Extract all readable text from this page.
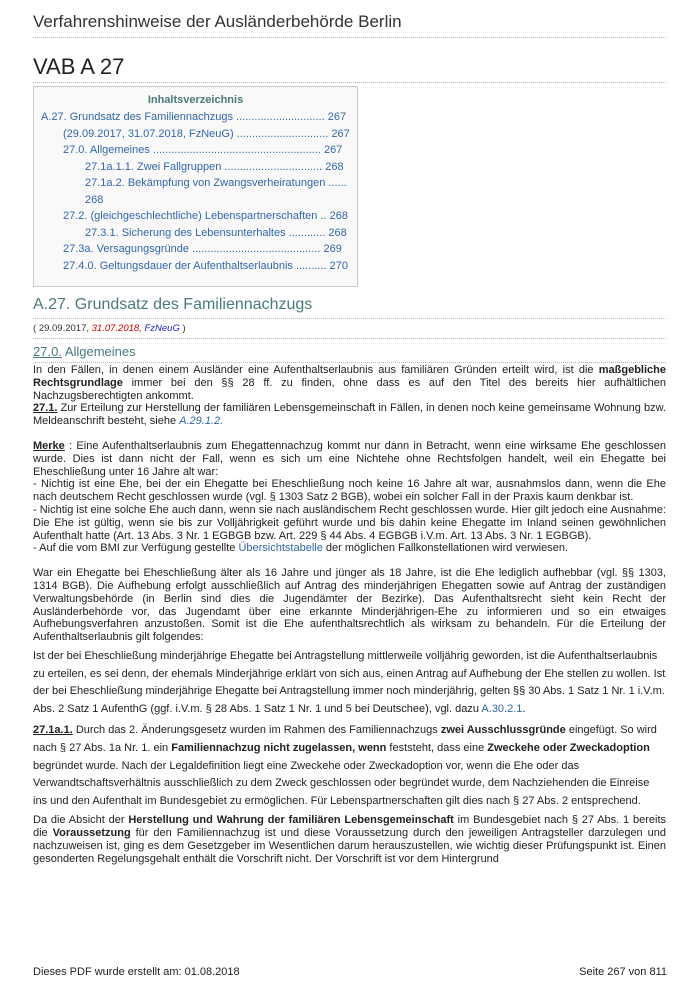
Verfahrenshinweise der Ausländerbehörde Berlin
VAB A 27
Inhaltsverzeichnis
A.27. Grundsatz des Familiennachzugs ............................. 267
(29.09.2017, 31.07.2018, FzNeuG) .............................. 267
27.0. Allgemeines ....................................................... 267
27.1a.1.1. Zwei Fallgruppen ................................ 268
27.1a.2. Bekämpfung von Zwangsverheiratungen ......
268
27.2. (gleichgeschlechtliche) Lebenspartnerschaften .. 268
27.3.1. Sicherung des Lebensunterhaltes ............ 268
27.3a. Versagungsgründe .......................................... 269
27.4.0. Geltungsdauer der Aufenthaltserlaubnis .......... 270
A.27. Grundsatz des Familiennachzugs
( 29.09.2017, 31.07.2018, FzNeuG )
27.0. Allgemeines

In den Fällen, in denen einem Ausländer eine Aufenthaltserlaubnis aus familiären Gründen erteilt wird, ist die maßgebliche Rechtsgrundlage immer bei den §§ 28 ff. zu finden, ohne dass es auf den Titel des bereits hier aufhältlichen Nachzugsberechtigten ankommt.

27.1. Zur Erteilung zur Herstellung der familiären Lebensgemeinschaft in Fällen, in denen noch keine gemeinsame Wohnung bzw. Meldeanschrift besteht, siehe A.29.1.2.

Merke : Eine Aufenthaltserlaubnis zum Ehegattennachzug kommt nur dann in Betracht, wenn eine wirksame Ehe geschlossen wurde. Dies ist dann nicht der Fall, wenn es sich um eine Nichtehe ohne Rechtsfolgen handelt, weil ein Ehegatte bei Eheschließung unter 16 Jahre alt war:

- Nichtig ist eine Ehe, bei der ein Ehegatte bei Eheschließung noch keine 16 Jahre alt war, ausnahmslos dann, wenn die Ehe nach deutschem Recht geschlossen wurde (vgl. § 1303 Satz 2 BGB), wobei ein solcher Fall in der Praxis kaum denkbar ist.

- Nichtig ist eine solche Ehe auch dann, wenn sie nach ausländischem Recht geschlossen wurde. Hier gilt jedoch eine Ausnahme: Die Ehe ist gültig, wenn sie bis zur Volljährigkeit geführt wurde und bis dahin keine Ehegatte im Inland seinen gewöhnlichen Aufenthalt hatte (Art. 13 Abs. 3 Nr. 1 EGBGB bzw. Art. 229 § 44 Abs. 4 EGBGB i.V.m. Art. 13 Abs. 3 Nr. 1 EGBGB).

- Auf die vom BMI zur Verfügung gestellte Übersichtstabelle der möglichen Fallkonstellationen wird verwiesen.

War ein Ehegatte bei Eheschließung älter als 16 Jahre und jünger als 18 Jahre, ist die Ehe lediglich aufhebbar (vgl. §§ 1303, 1314 BGB). Die Aufhebung erfolgt ausschließlich auf Antrag des minderjährigen Ehegatten sowie auf Antrag der zuständigen Verwaltungsbehörde (in Berlin sind dies die Jugendämter der Bezirke). Das Aufenthaltsrecht sieht kein Recht der Ausländerbehörde vor, das Jugendamt über eine erkannte Minderjährigen-Ehe zu informieren und so ein etwaiges Aufhebungsverfahren anzustoßen. Somit ist die Ehe aufenthaltsrechtlich als wirksam zu behandeln. Für die Erteilung der Aufenthaltserlaubnis gilt folgendes:

Ist der bei Eheschließung minderjährige Ehegatte bei Antragstellung mittlerweile volljährig geworden, ist die Aufenthaltserlaubnis zu erteilen, es sei denn, der ehemals Minderjährige erklärt von sich aus, einen Antrag auf Aufhebung der Ehe stellen zu wollen. Ist der bei Eheschließung minderjährige Ehegatte bei Antragstellung immer noch minderjährig, gelten §§ 30 Abs. 1 Satz 1 Nr. 1 i.V.m. Abs. 2 Satz 1 AufenthG (ggf. i.V.m. § 28 Abs. 1 Satz 1 Nr. 1 und 5 bei Deutschee), vgl. dazu A.30.2.1.

27.1a.1. Durch das 2. Änderungsgesetz wurden im Rahmen des Familiennachzugs zwei Ausschlussgründe eingefügt. So wird nach § 27 Abs. 1a Nr. 1. ein Familiennachzug nicht zugelassen, wenn feststeht, dass eine Zweckehe oder Zweckadoption begründet wurde. Nach der Legaldefinition liegt eine Zweckehe oder Zweckadoption vor, wenn die Ehe oder das Verwandtschaftsverhältnis ausschließlich zu dem Zweck geschlossen oder begründet wurde, dem Nachziehenden die Einreise ins und den Aufenthalt im Bundesgebiet zu ermöglichen. Für Lebenspartnerschaften gilt dies nach § 27 Abs. 2 entsprechend.

Da die Absicht der Herstellung und Wahrung der familiären Lebensgemeinschaft im Bundesgebiet nach § 27 Abs. 1 bereits die Voraussetzung für den Familiennachzug ist und diese Voraussetzung durch den jeweiligen Antragsteller darzulegen und nachzuweisen ist, ging es dem Gesetzgeber im Wesentlichen darum herauszustellen, wie wichtig dieser Prüfungspunkt ist. Einen gesonderten Regelungsgehalt enthält die Vorschrift nicht. Der Vorschrift ist vor dem Hintergrund

Dieses PDF wurde erstellt am: 01.08.2018	Seite 267 von 811
